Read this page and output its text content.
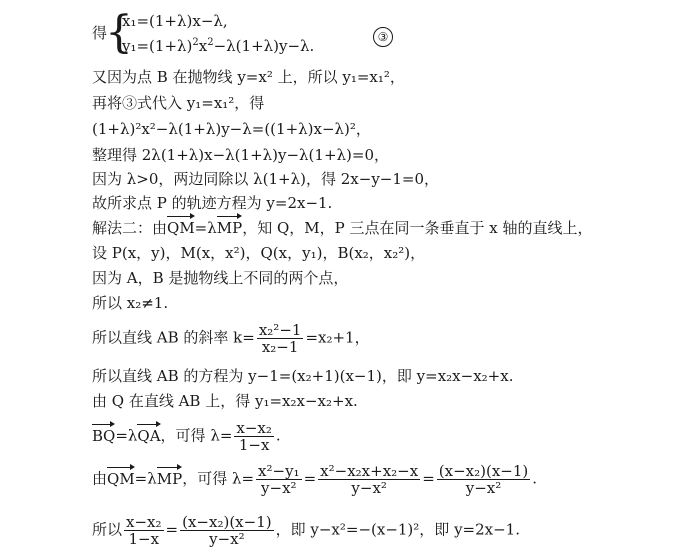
得
{
x₁=(1+λ)x−λ,
$y_1=(1+\lambda)^2x^2-\lambda(1+\lambda)y-\lambda$.	③
又因为点 B 在抛物线 y=x² 上，所以 y₁=x₁²，
再将③式代入 y₁=x₁²，得
(1+λ)²x²−λ(1+λ)y−λ=((1+λ)x−λ)²，
整理得 2λ(1+λ)x−λ(1+λ)y−λ(1+λ)=0，
因为 λ>0，两边同除以 λ(1+λ)，得 2x−y−1=0，
故所求点 P 的轨迹方程为 y=2x−1.
解法二：由QM=λMP，知 Q，M，P 三点在同一条垂直于 x 轴的直线上，
设 P(x，y)，M(x，x²)，Q(x，y₁)，B(x₂，x₂²)，
因为 A，B 是抛物线上不同的两个点，
所以 x₂≠1.
所以直线 AB 的斜率 $k= \frac{\text{x₂²−1}}{\text{x₂−1}} =x_2+1$，
所以直线 AB 的方程为 y−1=(x₂+1)(x−1)，即 y=x₂x−x₂+x.
由 Q 在直线 AB 上，得 y₁=x₂x−x₂+x.
BQ=λQA，可得 $\lambda= \frac{\text{x−x₂}}{1-x}$ .
由QM=λMP，可得 $\lambda= \frac{\text{x²−y₁}}{\text{y−x²}} = \frac{\text{x²−x₂x+x₂−x}}{\text{y−x²}} = \frac{\text{(x−x₂)(x−1)}}{\text{y−x²}}$ .
所以 $\frac{\text{x−x₂}}{1-x} = \frac{\text{(x−x₂)(x−1)}}{\text{y−x²}}$ ，即 y−x²=−(x−1)²，即 y=2x−1.
